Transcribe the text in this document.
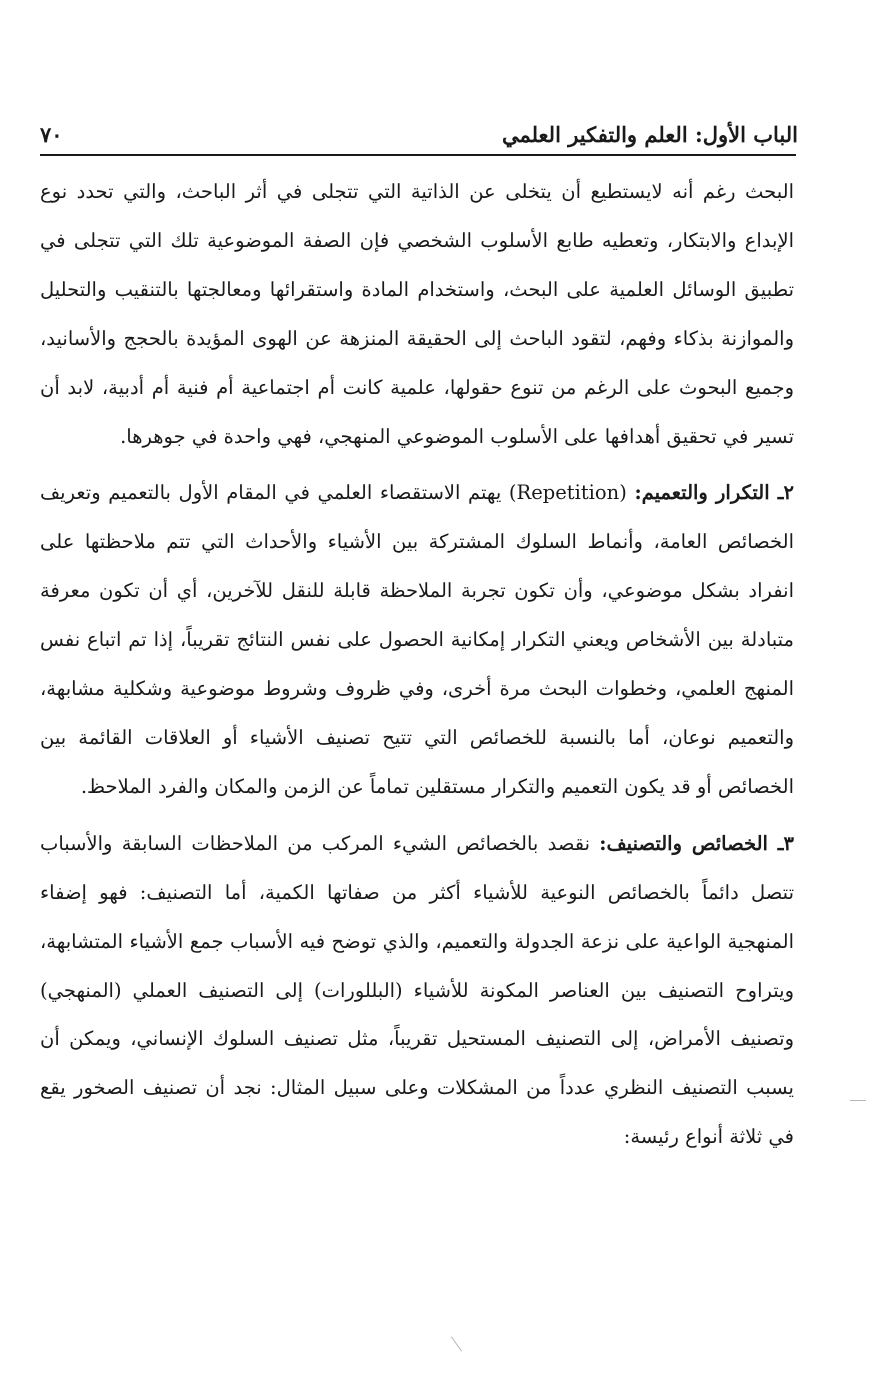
الباب الأول: العلم والتفكير العلمي
٧٠

البحث رغم أنه لايستطيع أن يتخلى عن الذاتية التي تتجلى في أثر الباحث، والتي تحدد نوع الإبداع والابتكار، وتعطيه طابع الأسلوب الشخصي فإن الصفة الموضوعية تلك التي تتجلى في تطبيق الوسائل العلمية على البحث، واستخدام المادة واستقرائها ومعالجتها بالتنقيب والتحليل والموازنة بذكاء وفهم، لتقود الباحث إلى الحقيقة المنزهة عن الهوى المؤيدة بالحجج والأسانيد، وجميع البحوث على الرغم من تنوع حقولها، علمية كانت أم اجتماعية أم فنية أم أدبية، لابد أن تسير في تحقيق أهدافها على الأسلوب الموضوعي المنهجي، فهي واحدة في جوهرها.

٢ـ التكرار والتعميم: (Repetition) يهتم الاستقصاء العلمي في المقام الأول بالتعميم وتعريف الخصائص العامة، وأنماط السلوك المشتركة بين الأشياء والأحداث التي تتم ملاحظتها على انفراد بشكل موضوعي، وأن تكون تجربة الملاحظة قابلة للنقل للآخرين، أي أن تكون معرفة متبادلة بين الأشخاص ويعني التكرار إمكانية الحصول على نفس النتائج تقريباً، إذا تم اتباع نفس المنهج العلمي، وخطوات البحث مرة أخرى، وفي ظروف وشروط موضوعية وشكلية مشابهة، والتعميم نوعان، أما بالنسبة للخصائص التي تتيح تصنيف الأشياء أو العلاقات القائمة بين الخصائص أو قد يكون التعميم والتكرار مستقلين تماماً عن الزمن والمكان والفرد الملاحظ.

٣ـ الخصائص والتصنيف: نقصد بالخصائص الشيء المركب من الملاحظات السابقة والأسباب تتصل دائماً بالخصائص النوعية للأشياء أكثر من صفاتها الكمية، أما التصنيف: فهو إضفاء المنهجية الواعية على نزعة الجدولة والتعميم، والذي توضح فيه الأسباب جمع الأشياء المتشابهة، ويتراوح التصنيف بين العناصر المكونة للأشياء (البللورات) إلى التصنيف العملي (المنهجي) وتصنيف الأمراض، إلى التصنيف المستحيل تقريباً، مثل تصنيف السلوك الإنساني، ويمكن أن يسبب التصنيف النظري عدداً من المشكلات وعلى سبيل المثال: نجد أن تصنيف الصخور يقع في ثلاثة أنواع رئيسة:
